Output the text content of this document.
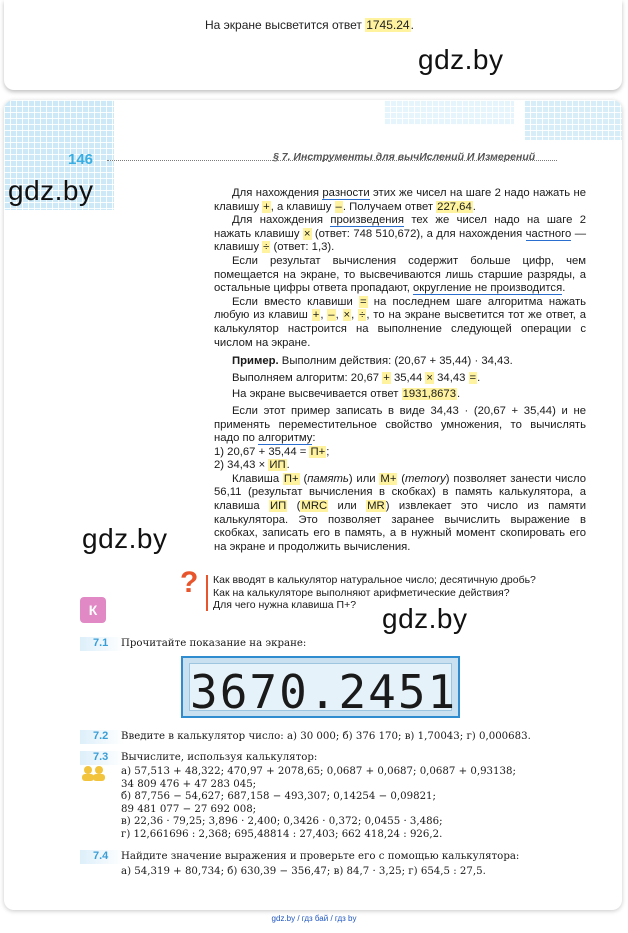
На экране высветится ответ 1745.24.
gdz.by
146	§ 7. Инструменты для вычИслений И Измерений
gdz.by	Для нахождения разности этих же чисел на шаге 2 надо нажать не клавишу +, а клавишу –. Получаем ответ 227,64.

Для нахождения произведения тех же чисел надо на шаге 2 нажать клавишу × (ответ: 748 510,672), а для нахождения частного — клавишу ÷ (ответ: 1,3).

Если результат вычисления содержит больше цифр, чем помещается на экране, то высвечиваются лишь старшие разряды, а остальные цифры ответа пропадают, округление не производится.

Если вместо клавиши = на последнем шаге алгоритма нажать любую из клавиш +, –, ×, ÷, то на экране высветится тот же ответ, а калькулятор настроится на выполнение следующей операции с числом на экране.

Пример. Выполним действия: (20,67 + 35,44) · 34,43.
Выполняем алгоритм: 20,67 + 35,44 × 34,43 =.
На экране высвечивается ответ 1931,8673.

Если этот пример записать в виде 34,43 · (20,67 + 35,44) и не применять переместительное свойство умножения, то вычислять надо по алгоритму:

1) 20,67 + 35,44 = П+;
2) 34,43 × ИП.

Клавиша П+ (память) или М+ (memory) позволяет занести число 56,11 (результат вычисления в скобках) в память калькулятора, а клавиша ИП (MRC или MR) извлекает это число из памяти калькулятора. Это позволяет заранее вычислить выражение в скобках, записать его в память, а в нужный момент скопировать его на экране и продолжить вычисления.

gdz.by
? Как вводят в калькулятор натуральное число; десятичную дробь?
Как на калькуляторе выполняют арифметические действия?
Для чего нужна клавиша П+?
К	gdz.by
7.1 Прочитайте показание на экране:
3670.2451
7.2 Введите в калькулятор число: а) 30 000; б) 376 170; в) 1,70043; г) 0,000683.
7.3 Вычислите, используя калькулятор:
а) 57,513 + 48,322; 470,97 + 2078,65; 0,0687 + 0,0687; 0,0687 + 0,93138;
34 809 476 + 47 283 045;
б) 87,756 − 54,627; 687,158 − 493,307; 0,14254 − 0,09821;
89 481 077 − 27 692 008;
в) 22,36 · 79,25; 3,896 · 2,400; 0,3426 · 0,372; 0,0455 · 3,486;
г) 12,661696 : 2,368; 695,48814 : 27,403; 662 418,24 : 926,2.
7.4 Найдите значение выражения и проверьте его с помощью калькулятора:
а) 54,319 + 80,734; б) 630,39 − 356,47; в) 84,7 · 3,25; г) 654,5 : 27,5.
gdz.by / гдз бай / гдз by
